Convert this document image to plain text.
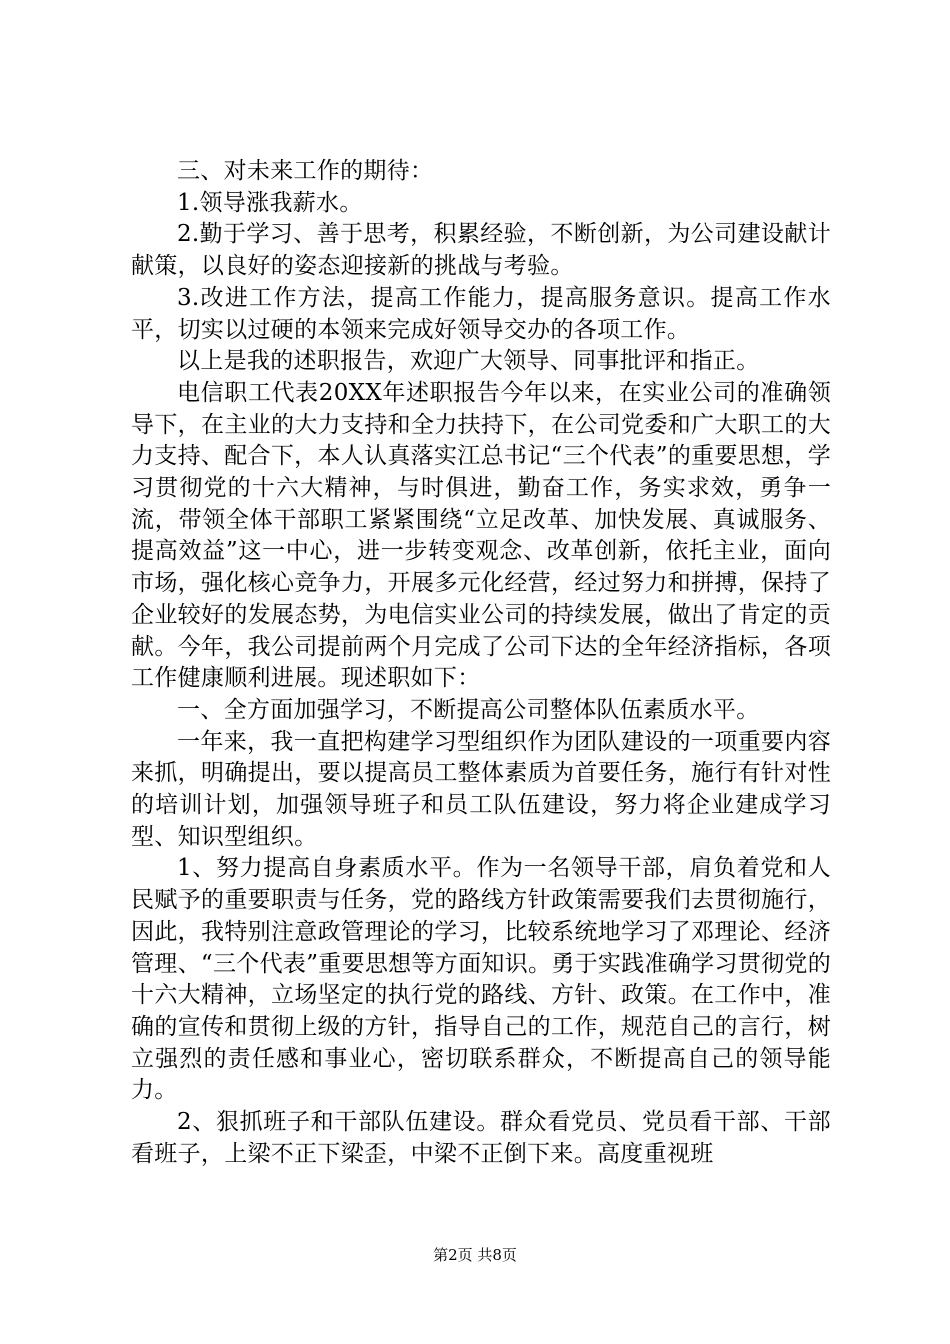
三、对未来工作的期待：

1.领导涨我薪水。

2.勤于学习、善于思考，积累经验，不断创新，为公司建设献计献策，以良好的姿态迎接新的挑战与考验。

3.改进工作方法，提高工作能力，提高服务意识。提高工作水平，切实以过硬的本领来完成好领导交办的各项工作。

以上是我的述职报告，欢迎广大领导、同事批评和指正。

电信职工代表20XX年述职报告今年以来，在实业公司的准确领导下，在主业的大力支持和全力扶持下，在公司党委和广大职工的大力支持、配合下，本人认真落实江总书记“三个代表”的重要思想，学习贯彻党的十六大精神，与时俱进，勤奋工作，务实求效，勇争一流，带领全体干部职工紧紧围绕“立足改革、加快发展、真诚服务、提高效益”这一中心，进一步转变观念、改革创新，依托主业，面向市场，强化核心竞争力，开展多元化经营，经过努力和拼搏，保持了企业较好的发展态势，为电信实业公司的持续发展，做出了肯定的贡献。今年，我公司提前两个月完成了公司下达的全年经济指标，各项工作健康顺利进展。现述职如下：

一、全方面加强学习，不断提高公司整体队伍素质水平。

一年来，我一直把构建学习型组织作为团队建设的一项重要内容来抓，明确提出，要以提高员工整体素质为首要任务，施行有针对性的培训计划，加强领导班子和员工队伍建设，努力将企业建成学习型、知识型组织。

1、努力提高自身素质水平。作为一名领导干部，肩负着党和人民赋予的重要职责与任务，党的路线方针政策需要我们去贯彻施行，因此，我特别注意政管理论的学习，比较系统地学习了邓理论、经济管理、“三个代表”重要思想等方面知识。勇于实践准确学习贯彻党的十六大精神，立场坚定的执行党的路线、方针、政策。在工作中，准确的宣传和贯彻上级的方针，指导自己的工作，规范自己的言行，树立强烈的责任感和事业心，密切联系群众，不断提高自己的领导能力。

2、狠抓班子和干部队伍建设。群众看党员、党员看干部、干部看班子，上梁不正下梁歪，中梁不正倒下来。高度重视班

第2页 共8页
